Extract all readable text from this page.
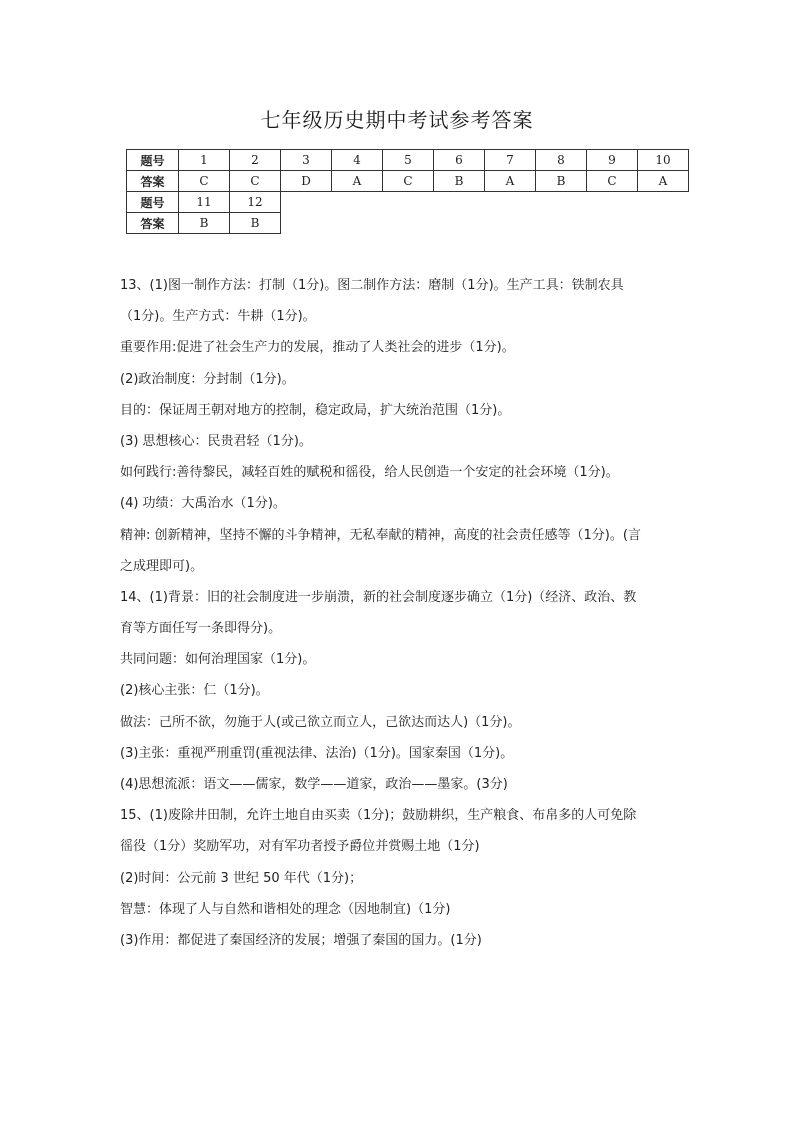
七年级历史期中考试参考答案
题号	1	2	3	4	5	6	7	8	9	10
答案	C	C	D	A	C	B	A	B	C	A
题号	11	12								
答案	B	B								
13、(1)图一制作方法：打制（1分)。图二制作方法：磨制（1分)。生产工具：铁制农具
（1分)。生产方式：牛耕（1分)。
重要作用:促进了社会生产力的发展，推动了人类社会的进步（1分)。
(2)政治制度：分封制（1分)。
目的：保证周王朝对地方的控制，稳定政局，扩大统治范围（1分)。
(3) 思想核心：民贵君轻（1分)。
如何践行:善待黎民，减轻百姓的赋税和徭役，给人民创造一个安定的社会环境（1分)。
(4) 功绩：大禹治水（1分)。
精神: 创新精神，坚持不懈的斗争精神，无私奉献的精神，高度的社会责任感等（1分)。(言
之成理即可)。
14、(1)背景：旧的社会制度进一步崩溃，新的社会制度逐步确立（1分)（经济、政治、教
育等方面任写一条即得分)。
共同问题：如何治理国家（1分)。
(2)核心主张：仁（1分)。
做法：己所不欲，勿施于人(或己欲立而立人，己欲达而达人)（1分)。
(3)主张：重视严刑重罚(重视法律、法治)（1分)。国家秦国（1分)。
(4)思想流派：语文——儒家，数学——道家，政治——墨家。(3分)
15、(1)废除井田制，允许土地自由买卖（1分)；鼓励耕织，生产粮食、布帛多的人可免除
徭役（1分）奖励军功，对有军功者授予爵位并赏赐土地（1分)
(2)时间：公元前 3 世纪 50 年代（1分)；
智慧：体现了人与自然和谐相处的理念（因地制宜)（1分)
(3)作用：都促进了秦国经济的发展；增强了秦国的国力。(1分)
